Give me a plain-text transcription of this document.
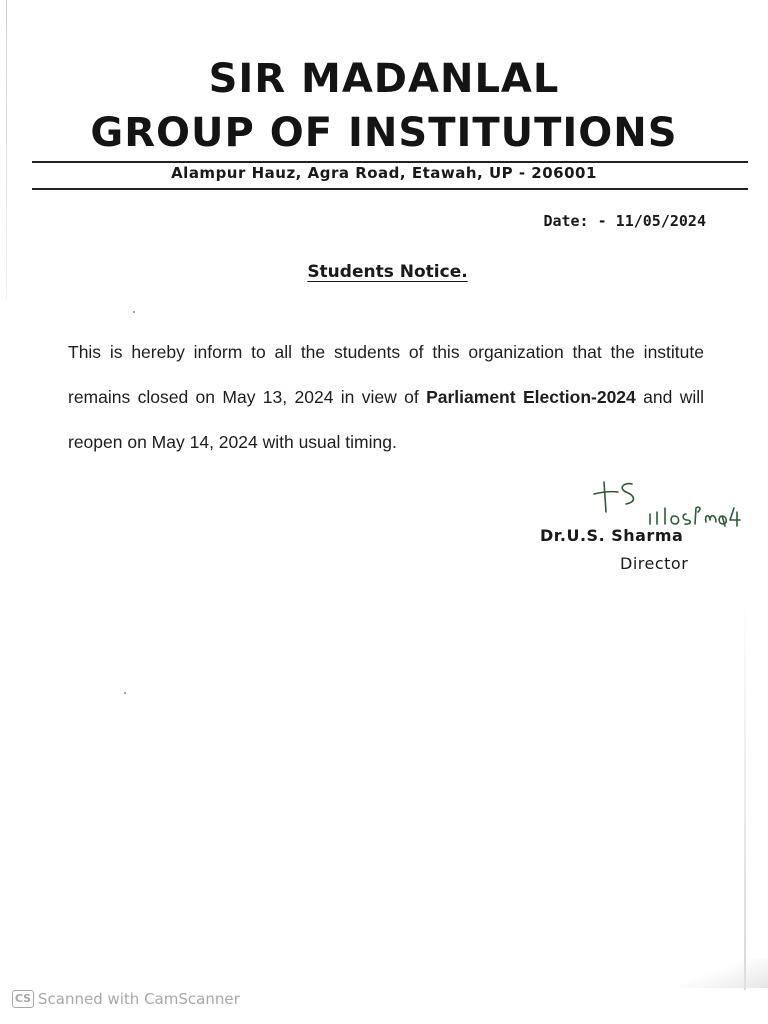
SIR MADANLAL
GROUP OF INSTITUTIONS
Alampur Hauz, Agra Road, Etawah, UP - 206001
Date: - 11/05/2024
Students Notice.
This is hereby inform to all the students of this organization that the institute remains closed on May 13, 2024 in view of Parliament Election-2024 and will reopen on May 14, 2024 with usual timing.
Dr.U.S. Sharma
Director
CS Scanned with CamScanner
